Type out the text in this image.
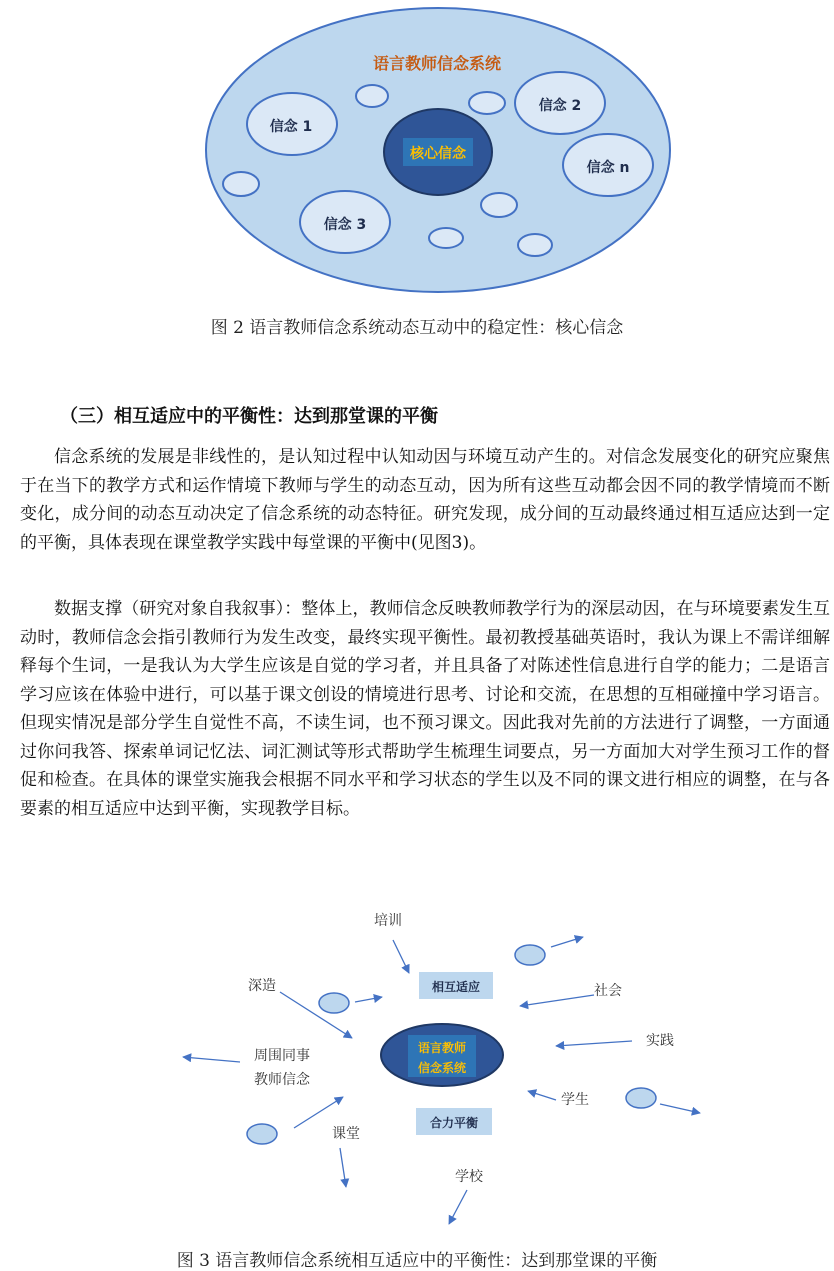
语言教师信念系统
信念 1
信念 2
信念 3
信念 n
核心信念
图 2 语言教师信念系统动态互动中的稳定性：核心信念
（三）相互适应中的平衡性：达到那堂课的平衡

信念系统的发展是非线性的，是认知过程中认知动因与环境互动产生的。对信念发展变化的研究应聚焦于在当下的教学方式和运作情境下教师与学生的动态互动，因为所有这些互动都会因不同的教学情境而不断变化，成分间的动态互动决定了信念系统的动态特征。研究发现，成分间的互动最终通过相互适应达到一定的平衡，具体表现在课堂教学实践中每堂课的平衡中(见图3)。

数据支撑（研究对象自我叙事）：整体上，教师信念反映教师教学行为的深层动因，在与环境要素发生互动时，教师信念会指引教师行为发生改变，最终实现平衡性。最初教授基础英语时，我认为课上不需详细解释每个生词，一是我认为大学生应该是自觉的学习者，并且具备了对陈述性信息进行自学的能力；二是语言学习应该在体验中进行，可以基于课文创设的情境进行思考、讨论和交流，在思想的互相碰撞中学习语言。但现实情况是部分学生自觉性不高，不读生词，也不预习课文。因此我对先前的方法进行了调整，一方面通过你问我答、探索单词记忆法、词汇测试等形式帮助学生梳理生词要点，另一方面加大对学生预习工作的督促和检查。在具体的课堂实施我会根据不同水平和学习状态的学生以及不同的课文进行相应的调整，在与各要素的相互适应中达到平衡，实现教学目标。

语言教师
信念系统
相互适应
合力平衡
培训
深造	社会
实践
周围同事
教师信念
学生
课堂
学校
图 3 语言教师信念系统相互适应中的平衡性：达到那堂课的平衡
